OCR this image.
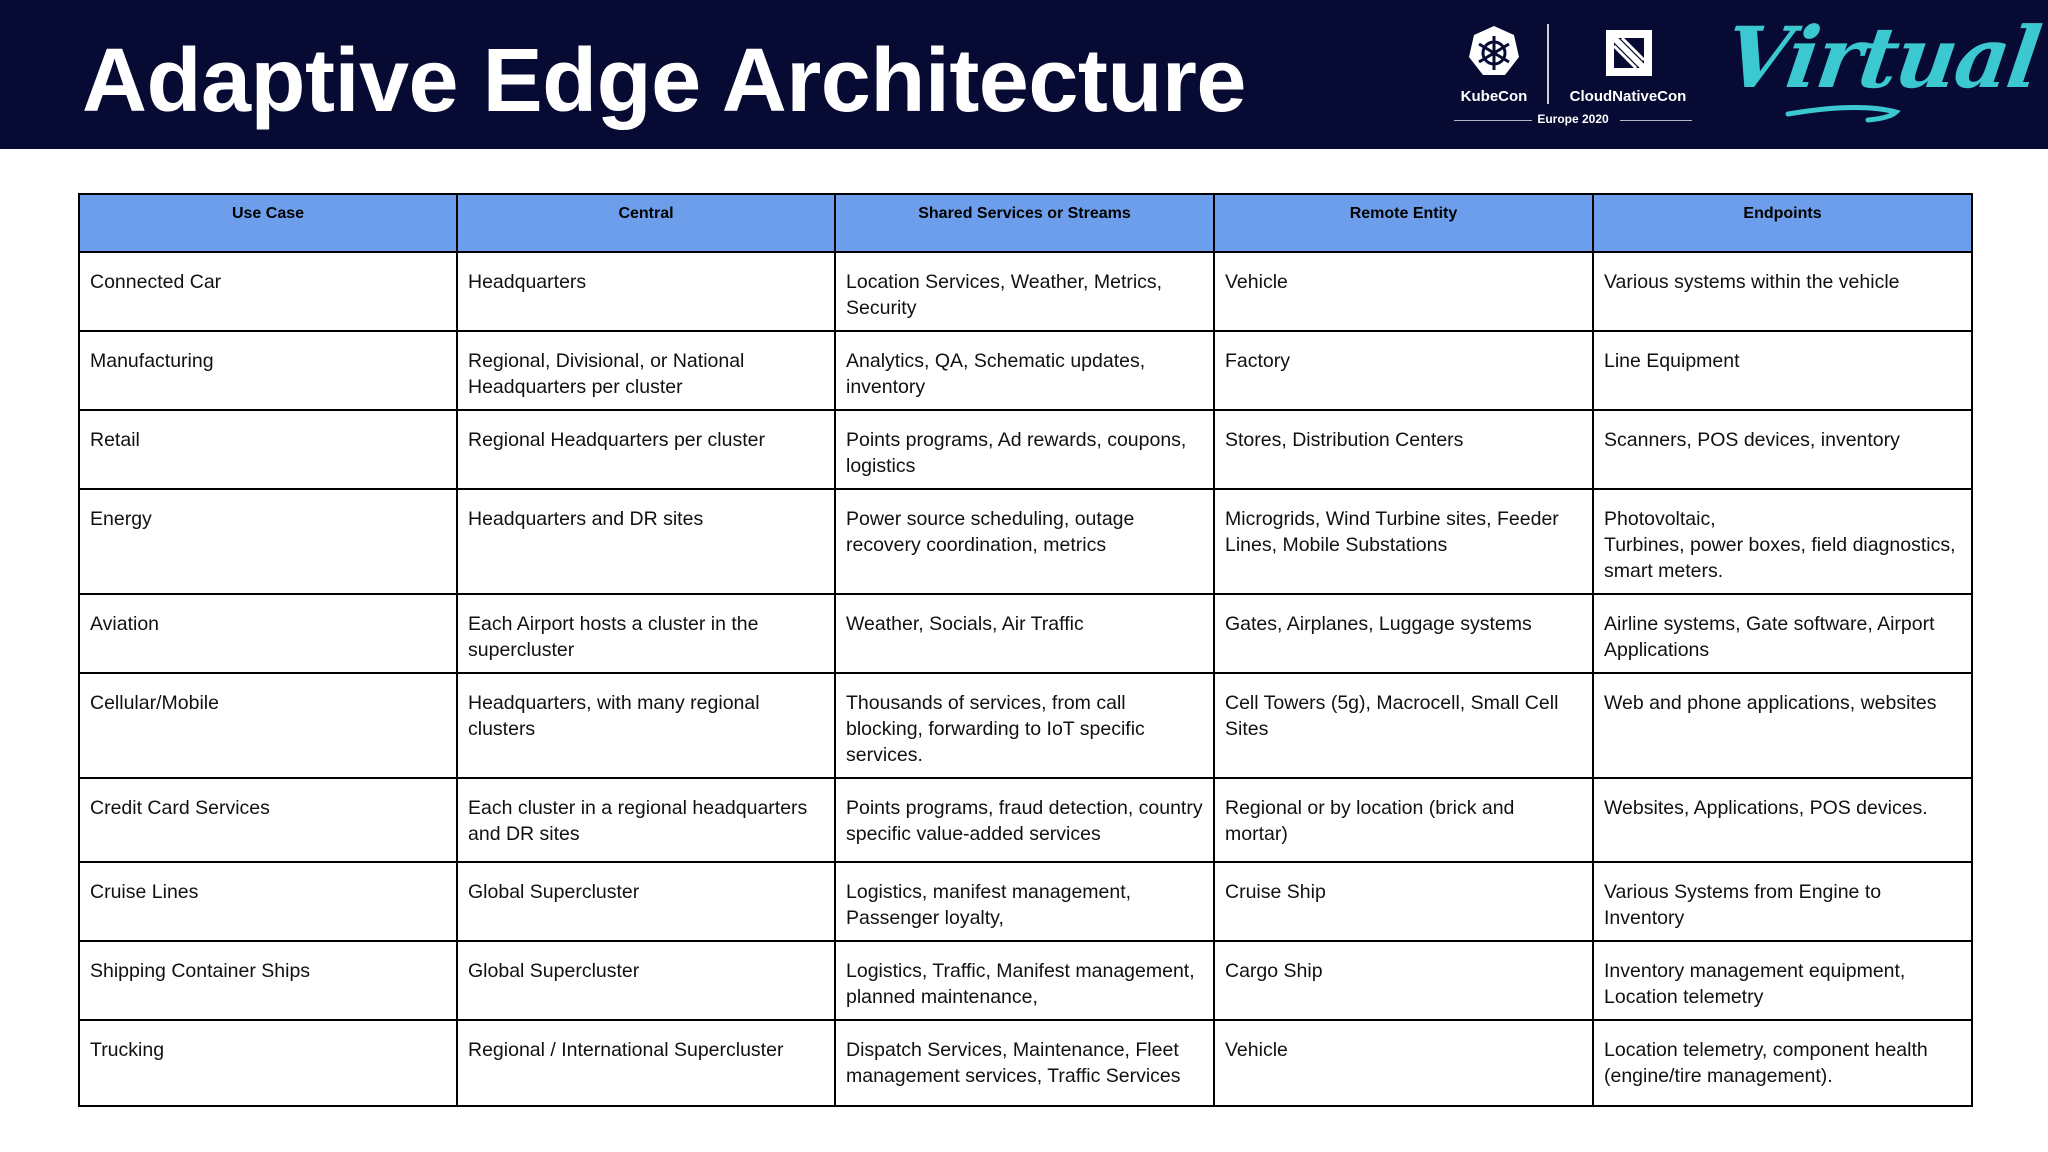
Adaptive Edge Architecture	KubeCon	CloudNativeCon
Europe 2020
Virtual
Use Case	Central	Shared Services or Streams	Remote Entity	Endpoints
Connected Car	Headquarters	Location Services, Weather, Metrics, Security	Vehicle	Various systems within the vehicle
Manufacturing	Regional, Divisional, or National Headquarters per cluster	Analytics, QA, Schematic updates, inventory	Factory	Line Equipment
Retail	Regional Headquarters per cluster	Points programs, Ad rewards, coupons, logistics	Stores, Distribution Centers	Scanners, POS devices, inventory
Energy	Headquarters and DR sites	Power source scheduling, outage recovery coordination, metrics	Microgrids, Wind Turbine sites, Feeder Lines, Mobile Substations	Photovoltaic,
Turbines, power boxes, field diagnostics, smart meters.
Aviation	Each Airport hosts a cluster in the supercluster	Weather, Socials, Air Traffic	Gates, Airplanes, Luggage systems	Airline systems, Gate software, Airport Applications
Cellular/Mobile	Headquarters, with many regional clusters	Thousands of services, from call blocking, forwarding to IoT specific services.	Cell Towers (5g), Macrocell, Small Cell Sites	Web and phone applications, websites
Credit Card Services	Each cluster in a regional headquarters and DR sites	Points programs, fraud detection, country specific value-added services	Regional or by location (brick and mortar)	Websites, Applications, POS devices.
Cruise Lines	Global Supercluster	Logistics, manifest management, Passenger loyalty,	Cruise Ship	Various Systems from Engine to Inventory
Shipping Container Ships	Global Supercluster	Logistics, Traffic, Manifest management, planned maintenance,	Cargo Ship	Inventory management equipment, Location telemetry
Trucking	Regional / International Supercluster	Dispatch Services, Maintenance, Fleet management services, Traffic Services	Vehicle	Location telemetry, component health (engine/tire management).
